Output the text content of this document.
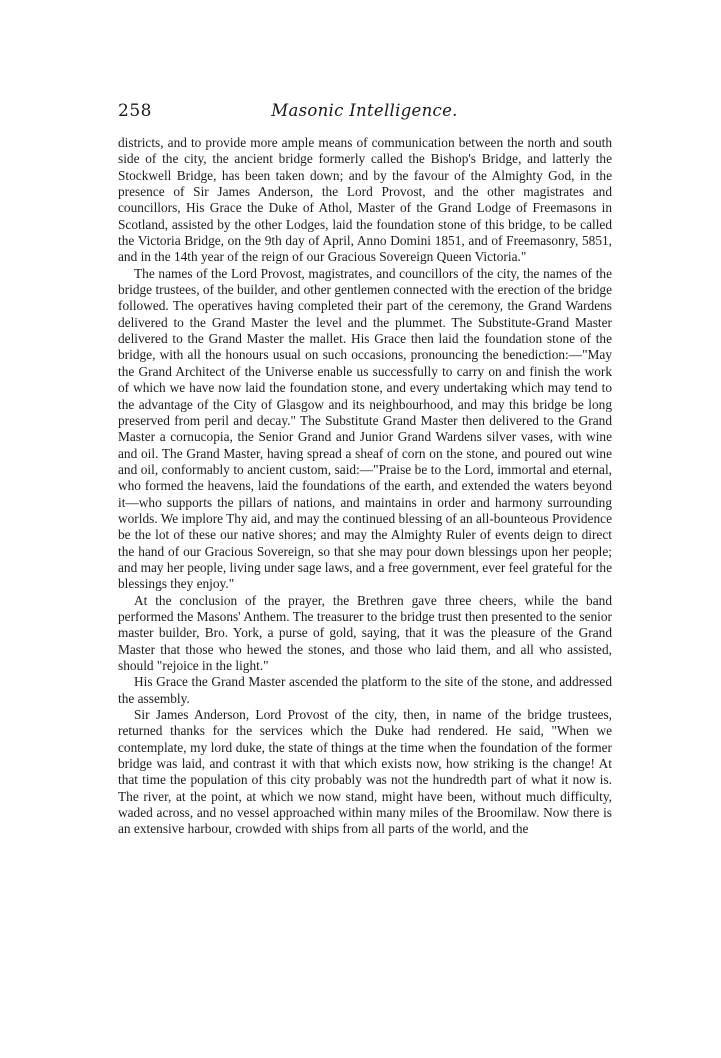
258	Masonic Intelligence.

districts, and to provide more ample means of communication between the north and south side of the city, the ancient bridge formerly called the Bishop's Bridge, and latterly the Stockwell Bridge, has been taken down; and by the favour of the Almighty God, in the presence of Sir James Anderson, the Lord Provost, and the other magistrates and councillors, His Grace the Duke of Athol, Master of the Grand Lodge of Freemasons in Scotland, assisted by the other Lodges, laid the foundation stone of this bridge, to be called the Victoria Bridge, on the 9th day of April, Anno Domini 1851, and of Freemasonry, 5851, and in the 14th year of the reign of our Gracious Sovereign Queen Victoria."

The names of the Lord Provost, magistrates, and councillors of the city, the names of the bridge trustees, of the builder, and other gentlemen connected with the erection of the bridge followed. The operatives having completed their part of the ceremony, the Grand Wardens delivered to the Grand Master the level and the plummet. The Substitute-Grand Master delivered to the Grand Master the mallet. His Grace then laid the foundation stone of the bridge, with all the honours usual on such occasions, pronouncing the benediction:—"May the Grand Architect of the Universe enable us successfully to carry on and finish the work of which we have now laid the foundation stone, and every undertaking which may tend to the advantage of the City of Glasgow and its neighbourhood, and may this bridge be long preserved from peril and decay." The Substitute Grand Master then delivered to the Grand Master a cornucopia, the Senior Grand and Junior Grand Wardens silver vases, with wine and oil. The Grand Master, having spread a sheaf of corn on the stone, and poured out wine and oil, conformably to ancient custom, said:—"Praise be to the Lord, immortal and eternal, who formed the heavens, laid the foundations of the earth, and extended the waters beyond it—who supports the pillars of nations, and maintains in order and harmony surrounding worlds. We implore Thy aid, and may the continued blessing of an all-bounteous Providence be the lot of these our native shores; and may the Almighty Ruler of events deign to direct the hand of our Gracious Sovereign, so that she may pour down blessings upon her people; and may her people, living under sage laws, and a free government, ever feel grateful for the blessings they enjoy."

At the conclusion of the prayer, the Brethren gave three cheers, while the band performed the Masons' Anthem. The treasurer to the bridge trust then presented to the senior master builder, Bro. York, a purse of gold, saying, that it was the pleasure of the Grand Master that those who hewed the stones, and those who laid them, and all who assisted, should "rejoice in the light."

His Grace the Grand Master ascended the platform to the site of the stone, and addressed the assembly.

Sir James Anderson, Lord Provost of the city, then, in name of the bridge trustees, returned thanks for the services which the Duke had rendered. He said, "When we contemplate, my lord duke, the state of things at the time when the foundation of the former bridge was laid, and contrast it with that which exists now, how striking is the change! At that time the population of this city probably was not the hundredth part of what it now is. The river, at the point, at which we now stand, might have been, without much difficulty, waded across, and no vessel approached within many miles of the Broomilaw. Now there is an extensive harbour, crowded with ships from all parts of the world, and the
